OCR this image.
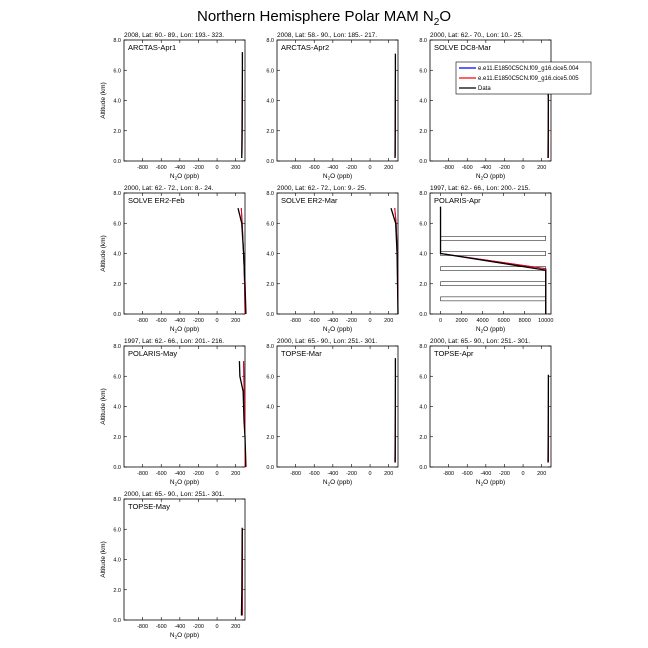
Northern Hemisphere Polar MAM $N_2O$
2008, Lat: 60.- 89., Lon: 193.- 323.
0.0
2.0
4.0
6.0
8.0
-800 -600 -400 -200 0 200
$N_2O$ (ppb)
Altitude (km)
ARCTAS-Apr1
2008, Lat: 58.- 90., Lon: 185.- 217.
0.0
2.0
4.0
6.0
8.0
-800 -600 -400 -200 0 200
$N_2O$ (ppb)
ARCTAS-Apr2
2000, Lat: 62.- 70., Lon: 10.- 25.
0.0
2.0
4.0
6.0
8.0
-800 -600 -400 -200 0 200
$N_2O$ (ppb)
SOLVE DC8-Mar
e.e11.E1850C5CN.f09_g16.cice5.004
e.e11.E1850C5CN.f09_g16.cice5.005
Data
2000, Lat: 62.- 72., Lon: 8.- 24.
0.0
2.0
4.0
6.0
8.0
-800 -600 -400 -200 0 200
$N_2O$ (ppb)
Altitude (km)
SOLVE ER2-Feb
2000, Lat: 62.- 72., Lon: 9.- 25.
0.0
2.0
4.0
6.0
8.0
-800 -600 -400 -200 0 200
$N_2O$ (ppb)
SOLVE ER2-Mar
1997, Lat: 62.- 66., Lon: 200.- 215.
0.0
2.0
4.0
6.0
8.0
0 2000 4000 6000 8000 10000
$N_2O$ (ppb)
POLARIS-Apr
1997, Lat: 62.- 66., Lon: 201.- 216.
0.0
2.0
4.0
6.0
8.0
-800 -600 -400 -200 0 200
$N_2O$ (ppb)
Altitude (km)
POLARIS-May
2000, Lat: 65.- 90., Lon: 251.- 301.
0.0
2.0
4.0
6.0
8.0
-800 -600 -400 -200 0 200
$N_2O$ (ppb)
TOPSE-Mar
2000, Lat: 65.- 90., Lon: 251.- 301.
0.0
2.0
4.0
6.0
8.0
-800 -600 -400 -200 0 200
$N_2O$ (ppb)
TOPSE-Apr
2000, Lat: 65.- 90., Lon: 251.- 301.
0.0
2.0
4.0
6.0
8.0
-800 -600 -400 -200 0 200
$N_2O$ (ppb)
Altitude (km)
TOPSE-May
